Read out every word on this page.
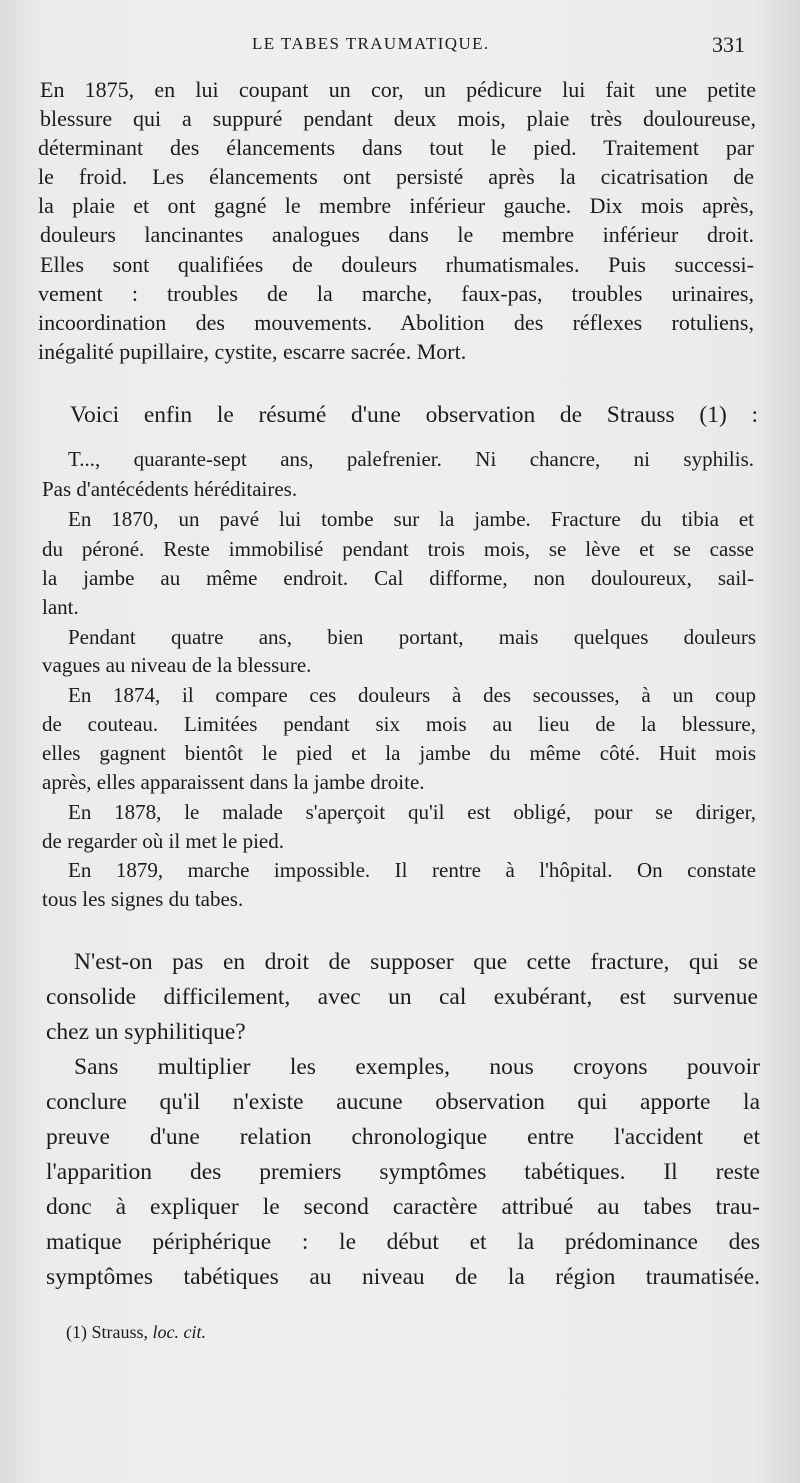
LE TABES TRAUMATIQUE.	331
En 1875, en lui coupant un cor, un pédicure lui fait une petite
blessure qui a suppuré pendant deux mois, plaie très douloureuse,
déterminant des élancements dans tout le pied. Traitement par
le froid. Les élancements ont persisté après la cicatrisation de
la plaie et ont gagné le membre inférieur gauche. Dix mois après,
douleurs lancinantes analogues dans le membre inférieur droit.
Elles sont qualifiées de douleurs rhumatismales. Puis successi-
vement : troubles de la marche, faux-pas, troubles urinaires,
incoordination des mouvements. Abolition des réflexes rotuliens,
inégalité pupillaire, cystite, escarre sacrée. Mort.
Voici enfin le résumé d'une observation de Strauss (1) :
T..., quarante-sept ans, palefrenier. Ni chancre, ni syphilis.
Pas d'antécédents héréditaires.
En 1870, un pavé lui tombe sur la jambe. Fracture du tibia et
du péroné. Reste immobilisé pendant trois mois, se lève et se casse
la jambe au même endroit. Cal difforme, non douloureux, sail-
lant.
Pendant quatre ans, bien portant, mais quelques douleurs
vagues au niveau de la blessure.
En 1874, il compare ces douleurs à des secousses, à un coup
de couteau. Limitées pendant six mois au lieu de la blessure,
elles gagnent bientôt le pied et la jambe du même côté. Huit mois
après, elles apparaissent dans la jambe droite.
En 1878, le malade s'aperçoit qu'il est obligé, pour se diriger,
de regarder où il met le pied.
En 1879, marche impossible. Il rentre à l'hôpital. On constate
tous les signes du tabes.
N'est-on pas en droit de supposer que cette fracture, qui se
consolide difficilement, avec un cal exubérant, est survenue
chez un syphilitique?
Sans multiplier les exemples, nous croyons pouvoir
conclure qu'il n'existe aucune observation qui apporte la
preuve d'une relation chronologique entre l'accident et
l'apparition des premiers symptômes tabétiques. Il reste
donc à expliquer le second caractère attribué au tabes trau-
matique périphérique : le début et la prédominance des
symptômes tabétiques au niveau de la région traumatisée.
(1) Strauss, loc. cit.
